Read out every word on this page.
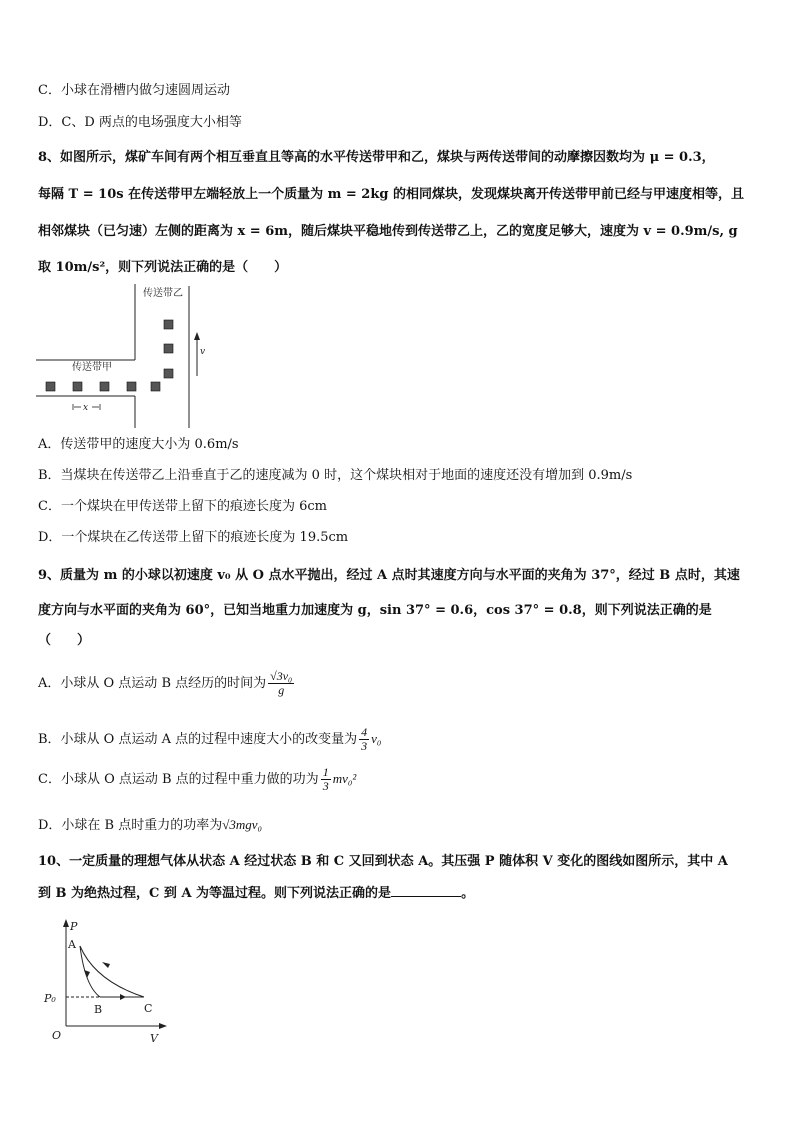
C．小球在滑槽内做匀速圆周运动
D．C、D 两点的电场强度大小相等
8、如图所示，煤矿车间有两个相互垂直且等高的水平传送带甲和乙，煤块与两传送带间的动摩擦因数均为 μ = 0.3，
每隔 T = 10s 在传送带甲左端轻放上一个质量为 m = 2kg 的相同煤块，发现煤块离开传送带甲前已经与甲速度相等，且
相邻煤块（已匀速）左侧的距离为 x = 6m，随后煤块平稳地传到传送带乙上，乙的宽度足够大，速度为 v = 0.9m/s, g
取 10m/s²，则下列说法正确的是（　　）
传送带乙
传送带甲
x
v
A．传送带甲的速度大小为 0.6m/s
B．当煤块在传送带乙上沿垂直于乙的速度减为 0 时，这个煤块相对于地面的速度还没有增加到 0.9m/s
C．一个煤块在甲传送带上留下的痕迹长度为 6cm
D．一个煤块在乙传送带上留下的痕迹长度为 19.5cm
9、质量为 m 的小球以初速度 v₀ 从 O 点水平抛出，经过 A 点时其速度方向与水平面的夹角为 37°，经过 B 点时，其速
度方向与水平面的夹角为 60°，已知当地重力加速度为 g，sin 37° = 0.6，cos 37° = 0.8，则下列说法正确的是
（　　）
A．小球从 O 点运动 B 点经历的时间为 $\frac{\text{√3v₀}}{g}$
B．小球从 O 点运动 A 点的过程中速度大小的改变量为 $\frac{4}{3} v_0$
C．小球从 O 点运动 B 点的过程中重力做的功为 $\frac{1}{3} mv_0^2$
D．小球在 B 点时重力的功率为√3mgv₀
10、一定质量的理想气体从状态 A 经过状态 B 和 C 又回到状态 A。其压强 P 随体积 V 变化的图线如图所示，其中 A
到 B 为绝热过程，C 到 A 为等温过程。则下列说法正确的是	。
P
V
O
P₀
A
B	C
